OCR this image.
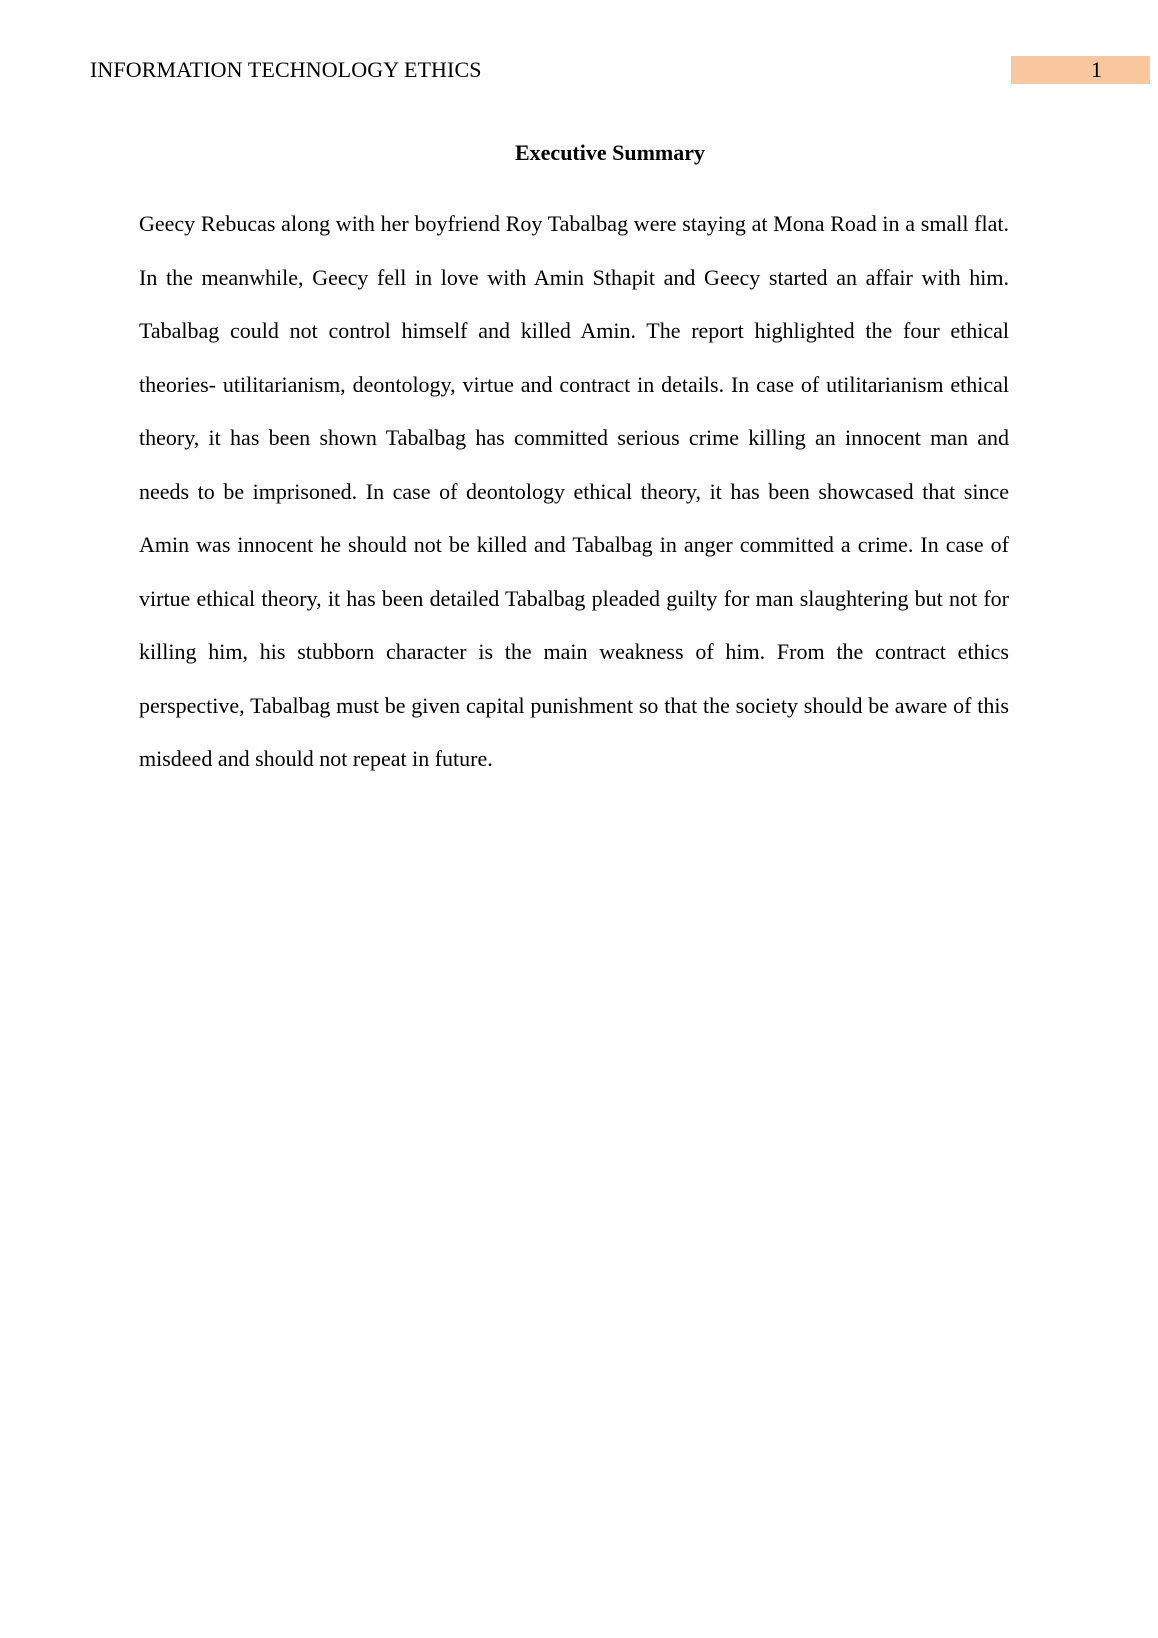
INFORMATION TECHNOLOGY ETHICS	1
Executive Summary

Geecy Rebucas along with her boyfriend Roy Tabalbag were staying at Mona Road in a small flat. In the meanwhile, Geecy fell in love with Amin Sthapit and Geecy started an affair with him. Tabalbag could not control himself and killed Amin. The report highlighted the four ethical theories- utilitarianism, deontology, virtue and contract in details. In case of utilitarianism ethical theory, it has been shown Tabalbag has committed serious crime killing an innocent man and needs to be imprisoned. In case of deontology ethical theory, it has been showcased that since Amin was innocent he should not be killed and Tabalbag in anger committed a crime. In case of virtue ethical theory, it has been detailed Tabalbag pleaded guilty for man slaughtering but not for killing him, his stubborn character is the main weakness of him. From the contract ethics perspective, Tabalbag must be given capital punishment so that the society should be aware of this misdeed and should not repeat in future.
